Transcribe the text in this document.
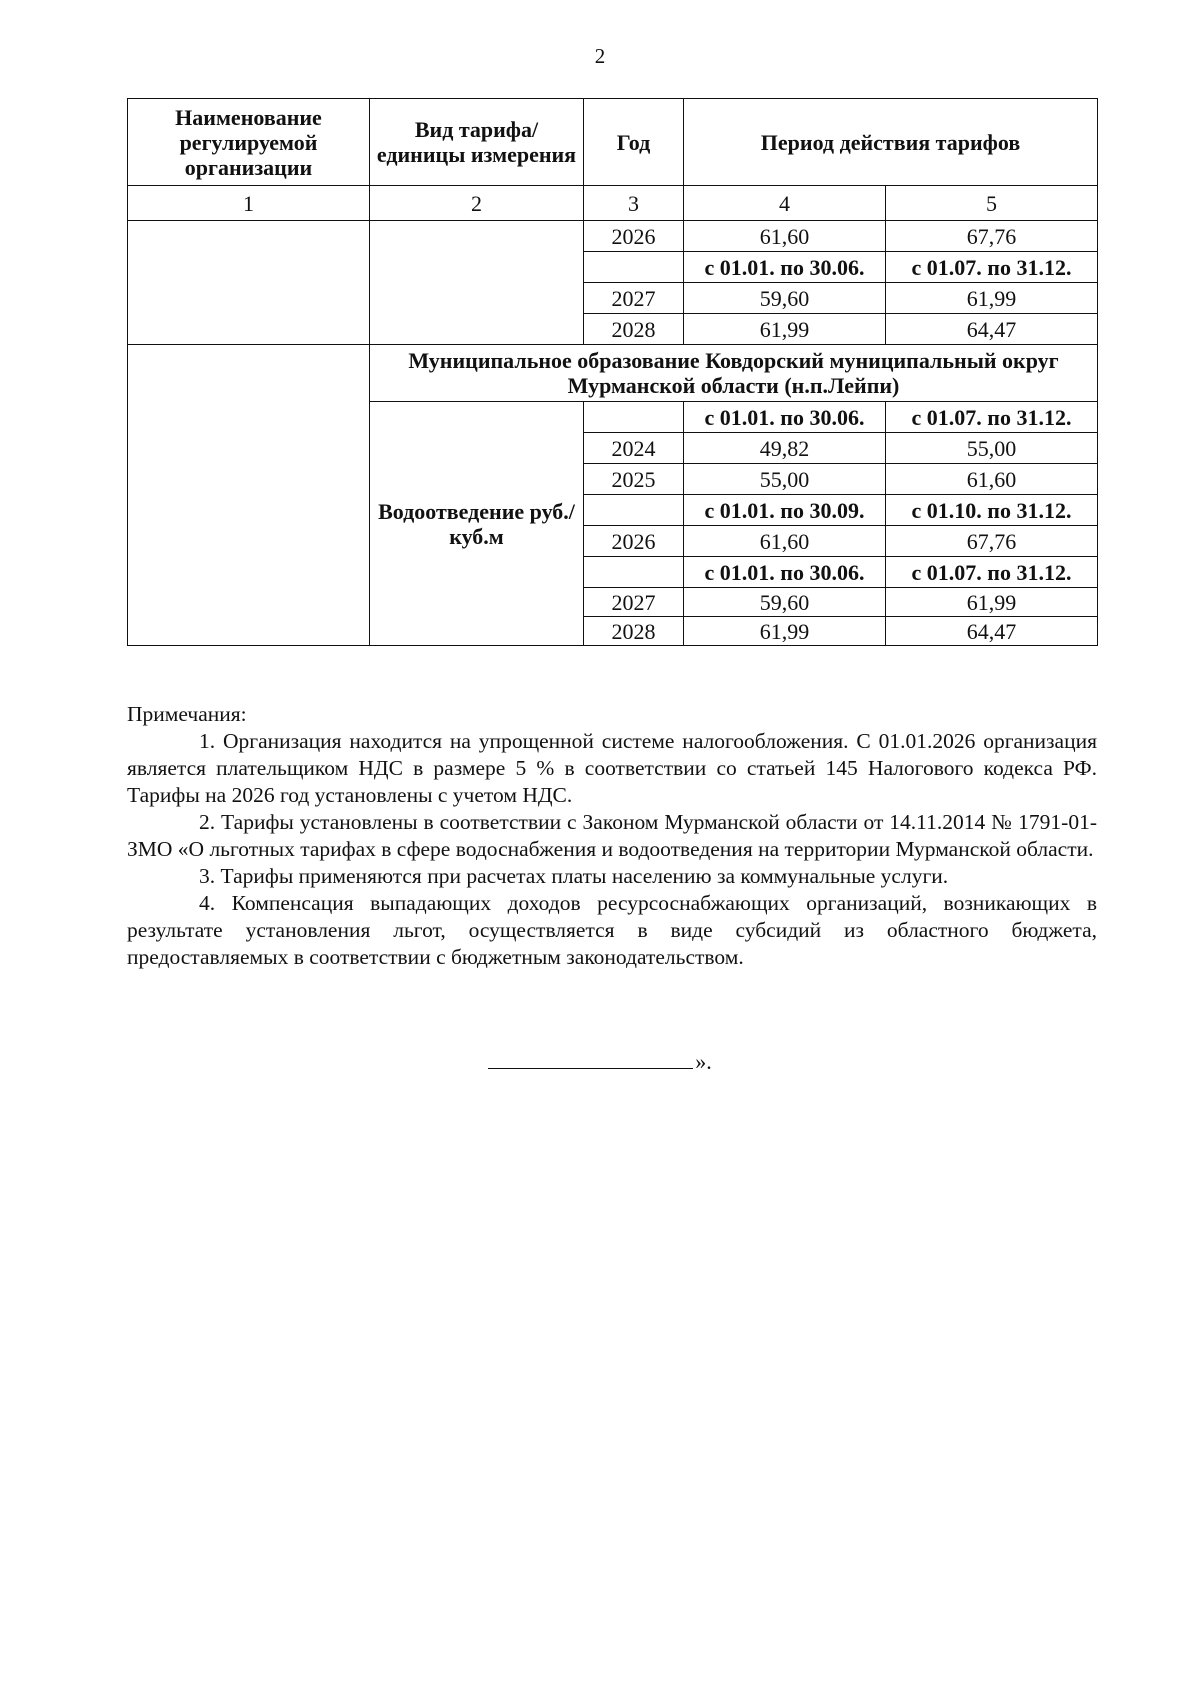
2
Наименование регулируемой организации	Вид тарифа/единицы измерения	Год	Период действия тарифов	
1	2	3	4	5
		2026	61,60	67,76
			с 01.01. по 30.06.	с 01.07. по 31.12.
		2027	59,60	61,99
		2028	61,99	64,47
	Муниципальное образование Ковдорский муниципальный округ Мурманской области (н.п.Лейпи)			
	Водоотведение руб./куб.м		с 01.01. по 30.06.	с 01.07. по 31.12.
		2024	49,82	55,00
		2025	55,00	61,60
			с 01.01. по 30.09.	с 01.10. по 31.12.
		2026	61,60	67,76
			с 01.01. по 30.06.	с 01.07. по 31.12.
		2027	59,60	61,99
		2028	61,99	64,47

Примечания:

1. Организация находится на упрощенной системе налогообложения. С 01.01.2026 организация является плательщиком НДС в размере 5 % в соответствии со статьей 145 Налогового кодекса РФ. Тарифы на 2026 год установлены с учетом НДС.

2. Тарифы установлены в соответствии с Законом Мурманской области от 14.11.2014 № 1791-01-ЗМО «О льготных тарифах в сфере водоснабжения и водоотведения на территории Мурманской области.

3. Тарифы применяются при расчетах платы населению за коммунальные услуги.

4. Компенсация выпадающих доходов ресурсоснабжающих организаций, возникающих в результате установления льгот, осуществляется в виде субсидий из областного бюджета, предоставляемых в соответствии с бюджетным законодательством.

».
